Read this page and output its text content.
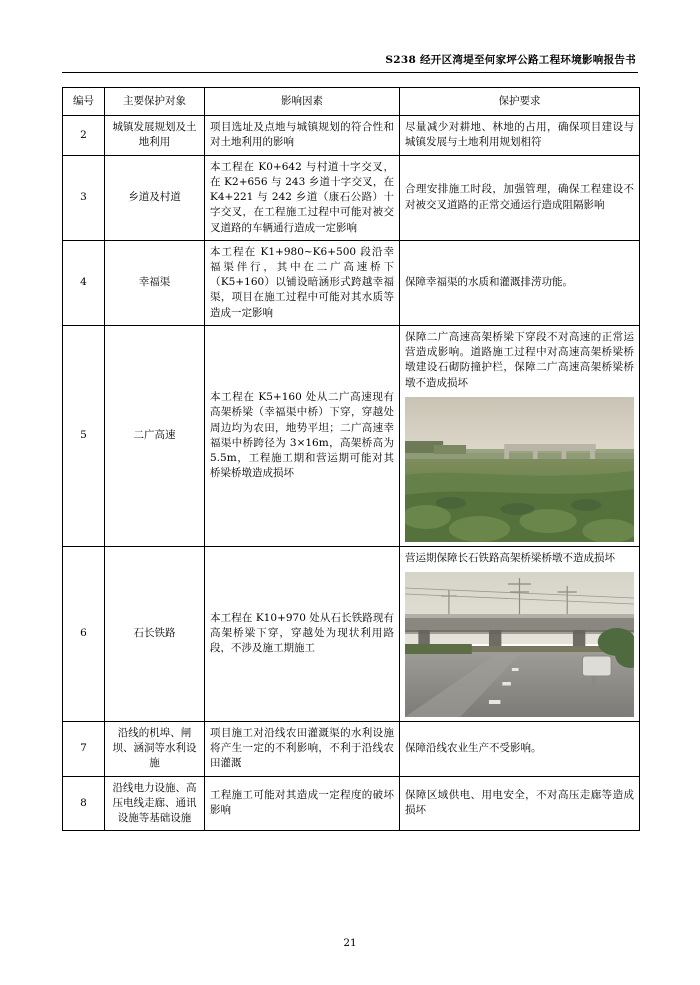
S238 经开区湾堤至何家坪公路工程环境影响报告书
编号	主要保护对象	影响因素	保护要求
2	城镇发展规划及土地利用	项目选址及点地与城镇规划的符合性和对土地利用的影响	尽量减少对耕地、林地的占用，确保项目建设与城镇发展与土地利用规划相符
3	乡道及村道	本工程在 K0+642 与村道十字交叉，在 K2+656 与 243 乡道十字交叉，在 K4+221 与 242 乡道（康石公路）十字交叉，在工程施工过程中可能对被交叉道路的车辆通行造成一定影响	合理安排施工时段，加强管理，确保工程建设不对被交叉道路的正常交通运行造成阻隔影响
4	幸福渠	本工程在 K1+980~K6+500 段沿幸福渠伴行，其中在二广高速桥下（K5+160）以铺设暗涵形式跨越幸福渠，项目在施工过程中可能对其水质等造成一定影响	保障幸福渠的水质和灌溉排涝功能。
5	二广高速	本工程在 K5+160 处从二广高速现有高架桥梁（幸福渠中桥）下穿，穿越处周边均为农田，地势平坦；二广高速幸福渠中桥跨径为 3×16m，高架桥高为 5.5m，工程施工期和营运期可能对其桥梁桥墩造成损坏	保障二广高速高架桥梁下穿段不对高速的正常运营造成影响。道路施工过程中对高速高架桥梁桥墩建设石砌防撞护栏，保障二广高速高架桥梁桥墩不造成损坏

6	石长铁路	本工程在 K10+970 处从石长铁路现有高架桥梁下穿，穿越处为现状利用路段，不涉及施工期施工	营运期保障长石铁路高架桥梁桥墩不造成损坏

7	沿线的机埠、闸坝、涵洞等水利设施	项目施工对沿线农田灌溉渠的水利设施将产生一定的不利影响，不利于沿线农田灌溉	保障沿线农业生产不受影响。
8	沿线电力设施、高压电线走廊、通讯设施等基础设施	工程施工可能对其造成一定程度的破坏影响	保障区域供电、用电安全，不对高压走廊等造成损坏
21
